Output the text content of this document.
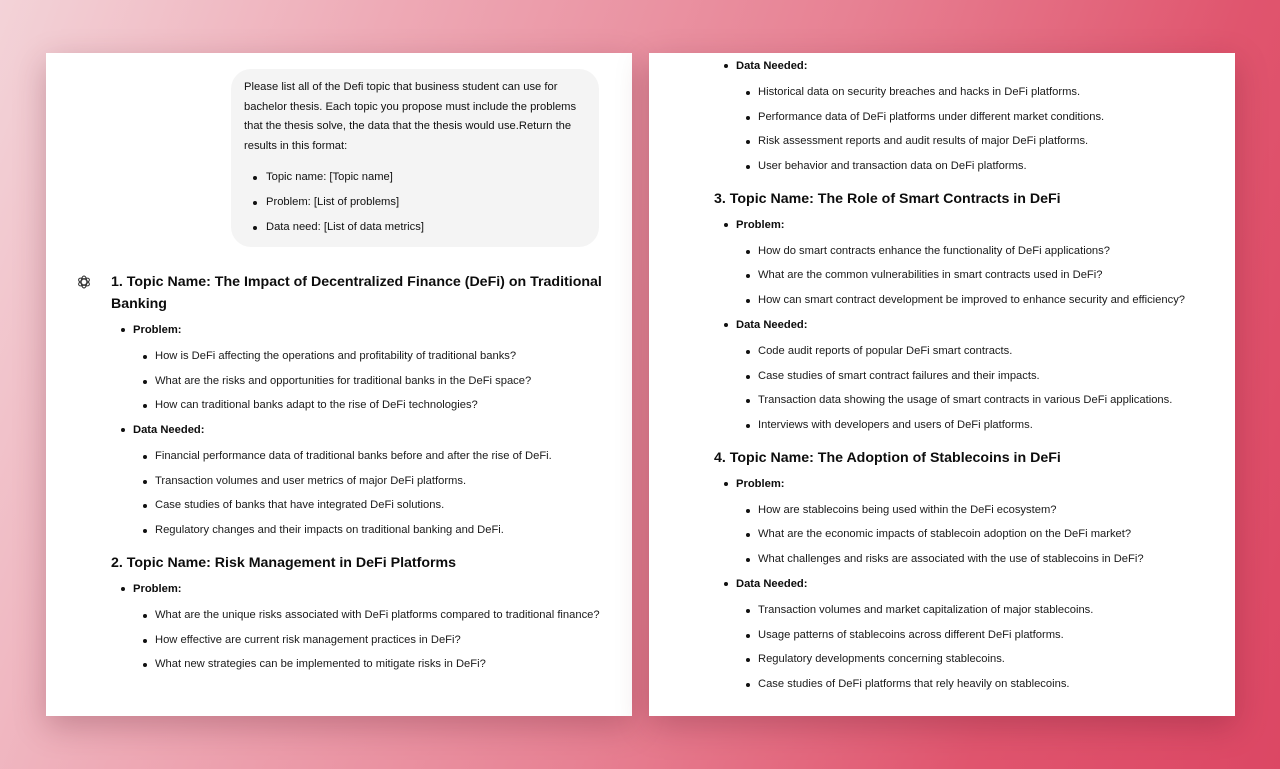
Please list all of the Defi topic that business student can use for bachelor thesis. Each topic you propose must include the problems that the thesis solve, the data that the thesis would use.Return the results in this format:

Topic name: [Topic name]
Problem: [List of problems]
Data need: [List of data metrics]
1. Topic Name: The Impact of Decentralized Finance (DeFi) on Traditional Banking
Problem:
How is DeFi affecting the operations and profitability of traditional banks?
What are the risks and opportunities for traditional banks in the DeFi space?
How can traditional banks adapt to the rise of DeFi technologies?
Data Needed:
Financial performance data of traditional banks before and after the rise of DeFi.
Transaction volumes and user metrics of major DeFi platforms.
Case studies of banks that have integrated DeFi solutions.
Regulatory changes and their impacts on traditional banking and DeFi.
2. Topic Name: Risk Management in DeFi Platforms
Problem:
What are the unique risks associated with DeFi platforms compared to traditional finance?
How effective are current risk management practices in DeFi?
What new strategies can be implemented to mitigate risks in DeFi?
Data Needed:
Historical data on security breaches and hacks in DeFi platforms.
Performance data of DeFi platforms under different market conditions.
Risk assessment reports and audit results of major DeFi platforms.
User behavior and transaction data on DeFi platforms.
3. Topic Name: The Role of Smart Contracts in DeFi
Problem:
How do smart contracts enhance the functionality of DeFi applications?
What are the common vulnerabilities in smart contracts used in DeFi?
How can smart contract development be improved to enhance security and efficiency?
Data Needed:
Code audit reports of popular DeFi smart contracts.
Case studies of smart contract failures and their impacts.
Transaction data showing the usage of smart contracts in various DeFi applications.
Interviews with developers and users of DeFi platforms.
4. Topic Name: The Adoption of Stablecoins in DeFi
Problem:
How are stablecoins being used within the DeFi ecosystem?
What are the economic impacts of stablecoin adoption on the DeFi market?
What challenges and risks are associated with the use of stablecoins in DeFi?
Data Needed:
Transaction volumes and market capitalization of major stablecoins.
Usage patterns of stablecoins across different DeFi platforms.
Regulatory developments concerning stablecoins.
Case studies of DeFi platforms that rely heavily on stablecoins.
